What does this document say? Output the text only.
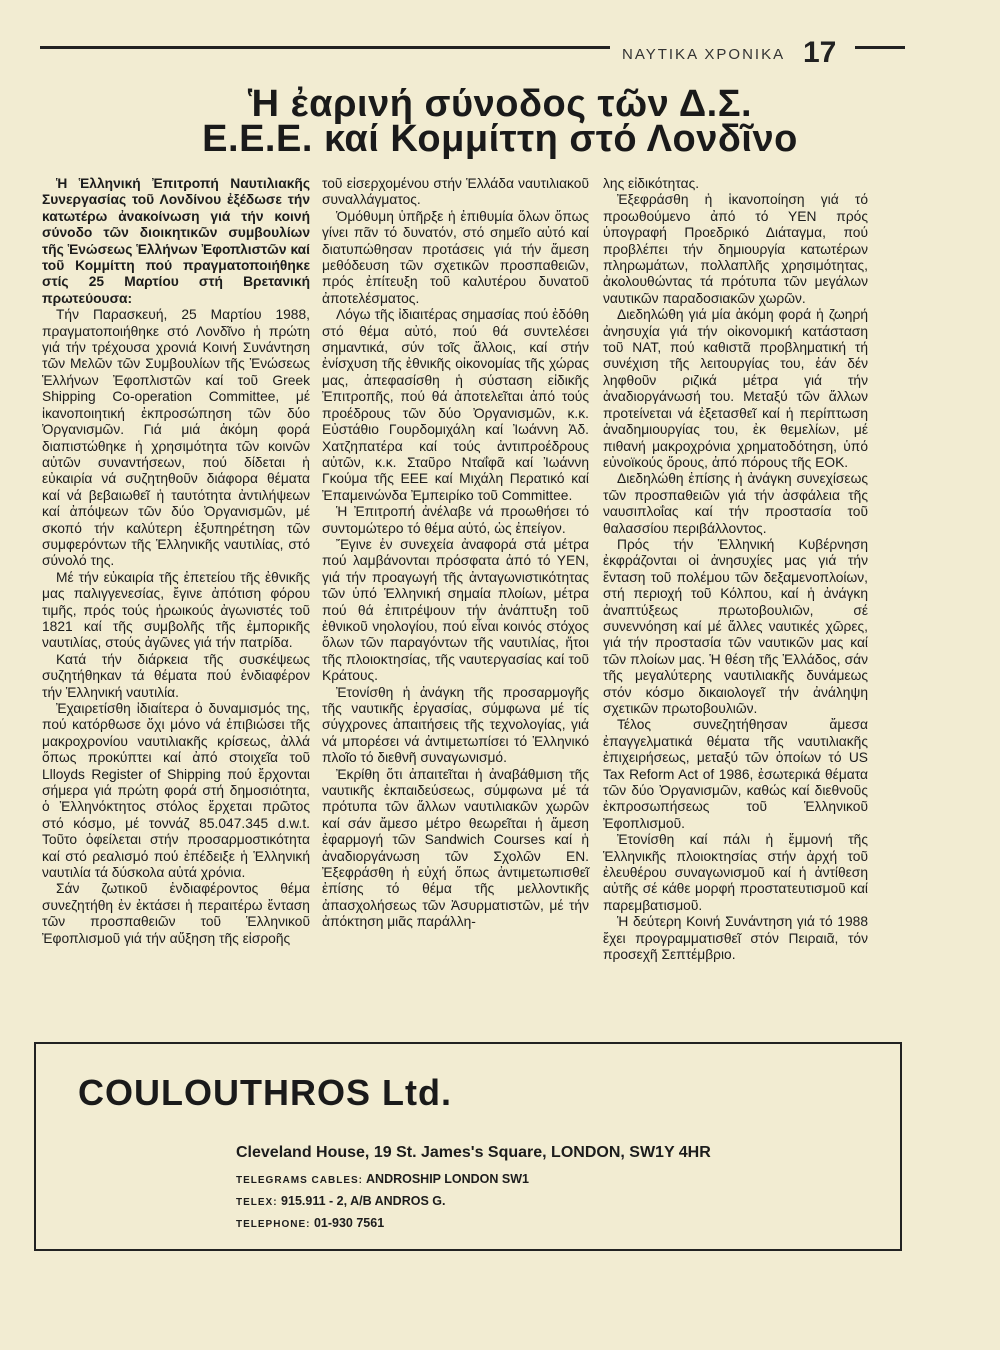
ΝΑΥΤΙΚΑ ΧΡΟΝΙΚΑ 17
Ἡ ἐαρινή σύνοδος τῶν Δ.Σ.
Ε.Ε.Ε. καί Κομμίττη στό Λονδῖνο

Ἡ Ἑλληνική Ἐπιτροπή Ναυτιλιακῆς Συνεργασίας τοῦ Λονδίνου ἐξέδωσε τήν κατωτέρω ἀνακοίνωση γιά τήν κοινή σύνοδο τῶν διοικητικῶν συμβουλίων τῆς Ἑνώσεως Ἑλλήνων Ἐφοπλιστῶν καί τοῦ Κομμίττη πού πραγματοποιήθηκε στίς 25 Μαρτίου στή Βρετανική πρωτεύουσα:

Τήν Παρασκευή, 25 Μαρτίου 1988, πραγματοποιήθηκε στό Λονδῖνο ἡ πρώτη γιά τήν τρέχουσα χρονιά Κοινή Συνάντηση τῶν Μελῶν τῶν Συμβουλίων τῆς Ἑνώσεως Ἑλλήνων Ἐφοπλιστῶν καί τοῦ Greek Shipping Co-operation Committee, μέ ἱκανοποιητική ἐκπροσώπηση τῶν δύο Ὀργανισμῶν. Γιά μιά ἀκόμη φορά διαπιστώθηκε ἡ χρησιμότητα τῶν κοινῶν αὐτῶν συναντήσεων, πού δίδεται ἡ εὐκαιρία νά συζητηθοῦν διάφορα θέματα καί νά βεβαιωθεῖ ἡ ταυτότητα ἀντιλήψεων καί ἀπόψεων τῶν δύο Ὀργανισμῶν, μέ σκοπό τήν καλύτερη ἐξυπηρέτηση τῶν συμφερόντων τῆς Ἑλληνικῆς ναυτιλίας, στό σύνολό της.

Μέ τήν εὐκαιρία τῆς ἐπετείου τῆς ἐθνικῆς μας παλιγγενεσίας, ἔγινε ἀπότιση φόρου τιμῆς, πρός τούς ἡρωικούς ἀγωνιστές τοῦ 1821 καί τῆς συμβολῆς τῆς ἐμπορικῆς ναυτιλίας, στούς ἀγῶνες γιά τήν πατρίδα.

Κατά τήν διάρκεια τῆς συσκέψεως συζητήθηκαν τά θέματα πού ἐνδιαφέρον τήν Ἑλληνική ναυτιλία.

Ἐχαιρετίσθη ἰδιαίτερα ὁ δυναμισμός της, πού κατόρθωσε ὄχι μόνο νά ἐπιβιώσει τῆς μακροχρονίου ναυτιλιακῆς κρίσεως, ἀλλά ὅπως προκύπτει καί ἀπό στοιχεῖα τοῦ Llloyds Register of Shipping πού ἔρχονται σήμερα γιά πρώτη φορά στή δημοσιότητα, ὁ Ἑλληνόκτητος στόλος ἔρχεται πρῶτος στό κόσμο, μέ τοννάζ 85.047.345 d.w.t. Τοῦτο ὀφείλεται στήν προσαρμοστικότητα καί στό ρεαλισμό πού ἐπέδειξε ἡ Ἑλληνική ναυτιλία τά δύσκολα αὐτά χρόνια.

Σάν ζωτικοῦ ἐνδιαφέροντος θέμα συνεζητήθη ἐν ἐκτάσει ἡ περαιτέρω ἔνταση τῶν προσπαθειῶν τοῦ Ἑλληνικοῦ Ἐφοπλισμοῦ γιά τήν αὔξηση τῆς εἰσροῆς

τοῦ εἰσερχομένου στήν Ἑλλάδα ναυτιλιακοῦ συναλλάγματος.

Ὁμόθυμη ὑπῆρξε ἡ ἐπιθυμία ὅλων ὅπως γίνει πᾶν τό δυνατόν, στό σημεῖο αὐτό καί διατυπώθησαν προτάσεις γιά τήν ἄμεση μεθόδευση τῶν σχετικῶν προσπαθειῶν, πρός ἐπίτευξη τοῦ καλυτέρου δυνατοῦ ἀποτελέσματος.

Λόγω τῆς ἰδιαιτέρας σημασίας πού ἐδόθη στό θέμα αὐτό, πού θά συντελέσει σημαντικά, σύν τοῖς ἄλλοις, καί στήν ἐνίσχυση τῆς ἐθνικῆς οἰκονομίας τῆς χώρας μας, ἀπεφασίσθη ἡ σύσταση εἰδικῆς Ἐπιτροπῆς, πού θά ἀποτελεῖται ἀπό τούς προέδρους τῶν δύο Ὀργανισμῶν, κ.κ. Εὐστάθιο Γουρδομιχάλη καί Ἰωάννη Ἀδ. Χατζηπατέρα καί τούς ἀντιπροέδρους αὐτῶν, κ.κ. Σταῦρο Νταΐφᾶ καί Ἰωάννη Γκούμα τῆς ΕΕΕ καί Μιχάλη Περατικό καί Ἐπαμεινώνδα Ἐμπειρίκο τοῦ Committee.

Ἡ Ἐπιτροπή ἀνέλαβε νά προωθήσει τό συντομώτερο τό θέμα αὐτό, ὡς ἐπείγον.

Ἔγινε ἐν συνεχεία ἀναφορά στά μέτρα πού λαμβάνονται πρόσφατα ἀπό τό ΥΕΝ, γιά τήν προαγωγή τῆς ἀνταγωνιστικότητας τῶν ὑπό Ἑλληνική σημαία πλοίων, μέτρα πού θά ἐπιτρέψουν τήν ἀνάπτυξη τοῦ ἐθνικοῦ νηολογίου, πού εἶναι κοινός στόχος ὅλων τῶν παραγόντων τῆς ναυτιλίας, ἤτοι τῆς πλοιοκτησίας, τῆς ναυτεργασίας καί τοῦ Κράτους.

Ἐτονίσθη ἡ ἀνάγκη τῆς προσαρμογῆς τῆς ναυτικῆς ἐργασίας, σύμφωνα μέ τίς σύγχρονες ἀπαιτήσεις τῆς τεχνολογίας, γιά νά μπορέσει νά ἀντιμετωπίσει τό Ἑλληνικό πλοῖο τό διεθνῆ συναγωνισμό.

Ἐκρίθη ὅτι ἀπαιτεῖται ἡ ἀναβάθμιση τῆς ναυτικῆς ἐκπαιδεύσεως, σύμφωνα μέ τά πρότυπα τῶν ἄλλων ναυτιλιακῶν χωρῶν καί σάν ἄμεσο μέτρο θεωρεῖται ἡ ἄμεση ἐφαρμογή τῶν Sandwich Courses καί ἡ ἀναδιοργάνωση τῶν Σχολῶν ΕΝ. Ἐξεφράσθη ἡ εὐχή ὅπως ἀντιμετωπισθεῖ ἐπίσης τό θέμα τῆς μελλοντικῆς ἀπασχολήσεως τῶν Ἀσυρματιστῶν, μέ τήν ἀπόκτηση μιᾶς παράλλη-

λης εἰδικότητας.

Ἐξεφράσθη ἡ ἱκανοποίηση γιά τό προωθούμενο ἀπό τό ΥΕΝ πρός ὑπογραφή Προεδρικό Διάταγμα, πού προβλέπει τήν δημιουργία κατωτέρων πληρωμάτων, πολλαπλῆς χρησιμότητας, ἀκολουθώντας τά πρότυπα τῶν μεγάλων ναυτικῶν παραδοσιακῶν χωρῶν.

Διεδηλώθη γιά μία ἀκόμη φορά ἡ ζωηρή ἀνησυχία γιά τήν οἰκονομική κατάσταση τοῦ ΝΑΤ, πού καθιστᾶ προβληματική τή συνέχιση τῆς λειτουργίας του, ἐάν δέν ληφθοῦν ριζικά μέτρα γιά τήν ἀναδιοργάνωσή του. Μεταξύ τῶν ἄλλων προτείνεται νά ἐξετασθεῖ καί ἡ περίπτωση ἀναδημιουργίας του, ἐκ θεμελίων, μέ πιθανή μακροχρόνια χρηματοδότηση, ὑπό εὐνοϊκούς ὅρους, ἀπό πόρους τῆς ΕΟΚ.

Διεδηλώθη ἐπίσης ἡ ἀνάγκη συνεχίσεως τῶν προσπαθειῶν γιά τήν ἀσφάλεια τῆς ναυσιπλοΐας καί τήν προστασία τοῦ θαλασσίου περιβάλλοντος.

Πρός τήν Ἑλληνική Κυβέρνηση ἐκφράζονται οἱ ἀνησυχίες μας γιά τήν ἔνταση τοῦ πολέμου τῶν δεξαμενοπλοίων, στή περιοχή τοῦ Κόλπου, καί ἡ ἀνάγκη ἀναπτύξεως πρωτοβουλιῶν, σέ συνεννόηση καί μέ ἄλλες ναυτικές χῶρες, γιά τήν προστασία τῶν ναυτικῶν μας καί τῶν πλοίων μας. Ἡ θέση τῆς Ἑλλάδος, σάν τῆς μεγαλύτερης ναυτιλιακῆς δυνάμεως στόν κόσμο δικαιολογεῖ τήν ἀνάληψη σχετικῶν πρωτοβουλιῶν.

Τέλος συνεζητήθησαν ἄμεσα ἐπαγγελματικά θέματα τῆς ναυτιλιακῆς ἐπιχειρήσεως, μεταξύ τῶν ὁποίων τό US Tax Reform Act of 1986, ἐσωτερικά θέματα τῶν δύο Ὀργανισμῶν, καθώς καί διεθνοῦς ἐκπροσωπήσεως τοῦ Ἑλληνικοῦ Ἐφοπλισμοῦ.

Ἐτονίσθη καί πάλι ἡ ἔμμονή τῆς Ἑλληνικῆς πλοιοκτησίας στήν ἀρχή τοῦ ἐλευθέρου συναγωνισμοῦ καί ἡ ἀντίθεση αὐτῆς σέ κάθε μορφή προστατευτισμοῦ καί παρεμβατισμοῦ.

Ἡ δεύτερη Κοινή Συνάντηση γιά τό 1988 ἔχει προγραμματισθεῖ στόν Πειραιᾶ, τόν προσεχῆ Σεπτέμβριο.

COULOUTHROS Ltd.
Cleveland House, 19 St. James's Square, LONDON, SW1Y 4HR
TELEGRAMS CABLES: ANDROSHIP LONDON SW1
TELEX: 915.911 - 2, A/B ANDROS G.
TELEPHONE: 01-930 7561
